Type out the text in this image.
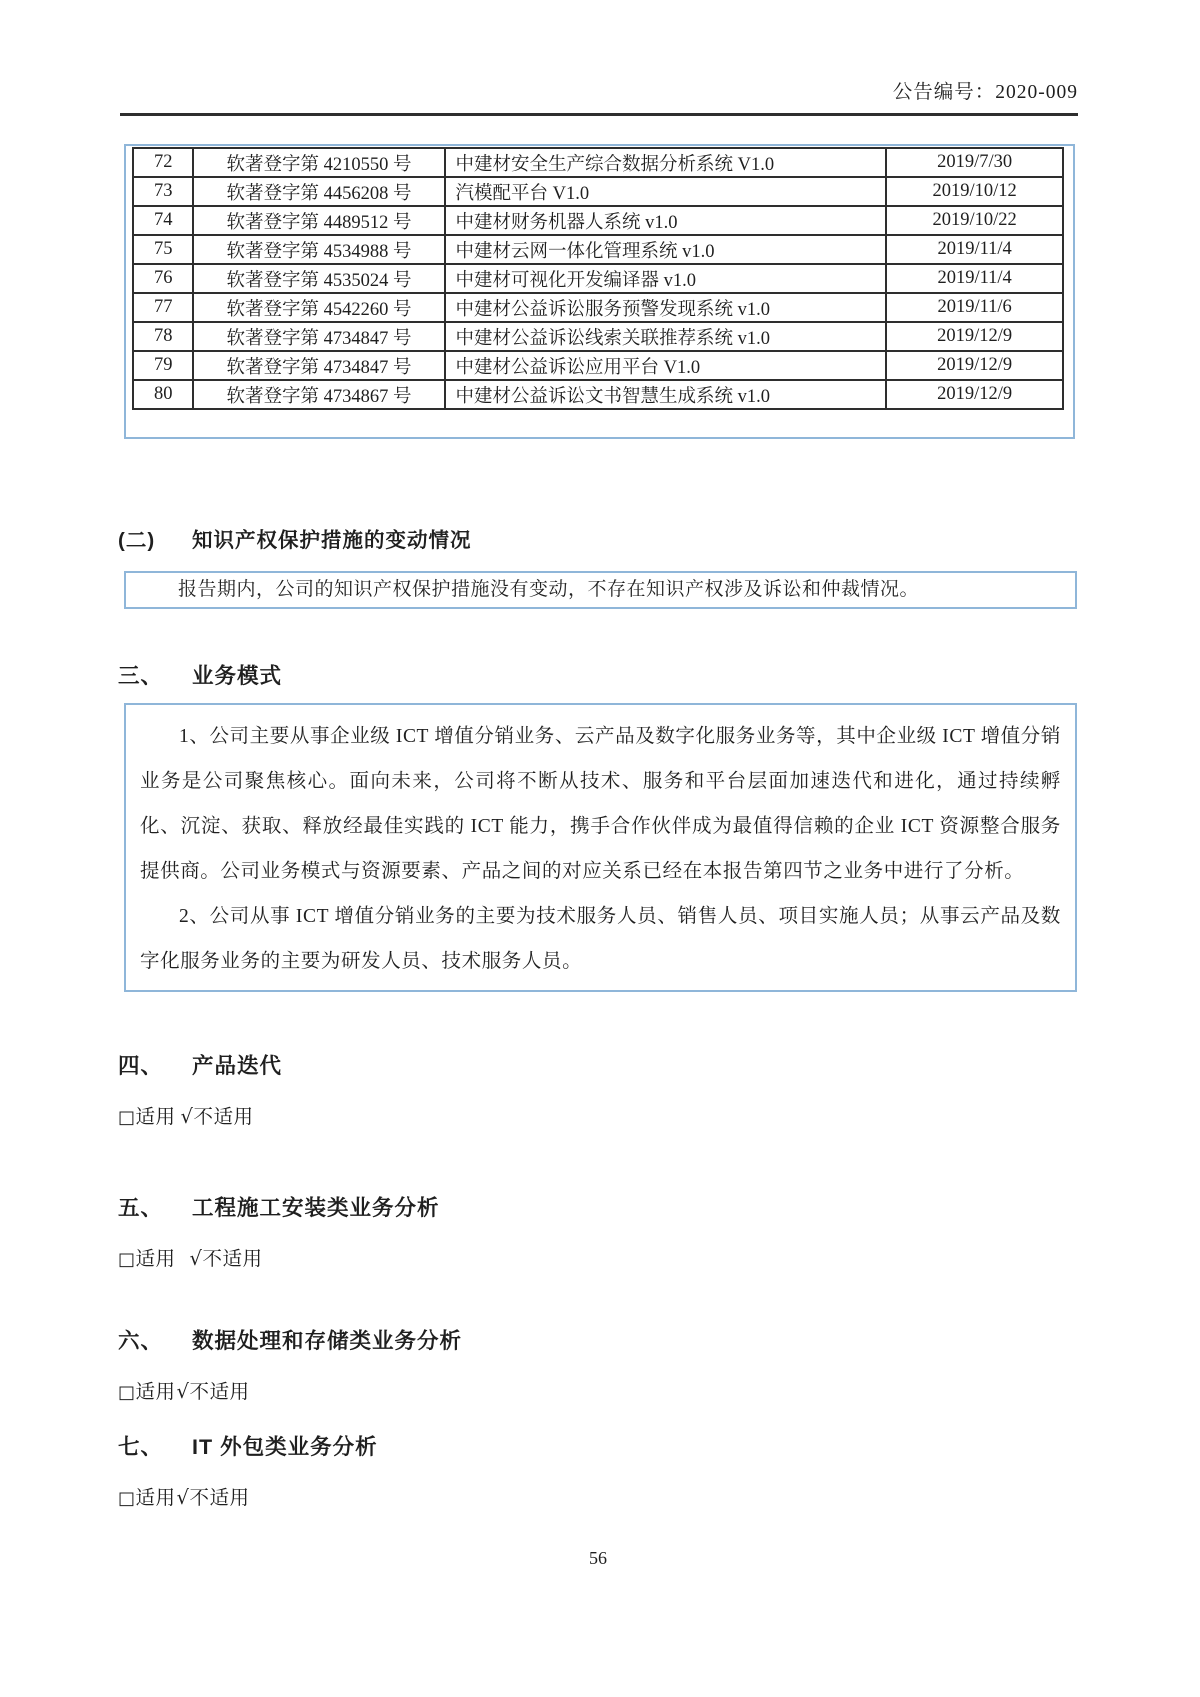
公告编号：2020-009
72	软著登字第 4210550 号	中建材安全生产综合数据分析系统 V1.0	2019/7/30
73	软著登字第 4456208 号	汽模配平台 V1.0	2019/10/12
74	软著登字第 4489512 号	中建材财务机器人系统 v1.0	2019/10/22
75	软著登字第 4534988 号	中建材云网一体化管理系统 v1.0	2019/11/4
76	软著登字第 4535024 号	中建材可视化开发编译器 v1.0	2019/11/4
77	软著登字第 4542260 号	中建材公益诉讼服务预警发现系统 v1.0	2019/11/6
78	软著登字第 4734847 号	中建材公益诉讼线索关联推荐系统 v1.0	2019/12/9
79	软著登字第 4734847 号	中建材公益诉讼应用平台 V1.0	2019/12/9
80	软著登字第 4734867 号	中建材公益诉讼文书智慧生成系统 v1.0	2019/12/9
(二)	知识产权保护措施的变动情况

报告期内，公司的知识产权保护措施没有变动，不存在知识产权涉及诉讼和仲裁情况。

三、	业务模式

1、公司主要从事企业级 ICT 增值分销业务、云产品及数字化服务业务等，其中企业级 ICT 增值分销业务是公司聚焦核心。面向未来，公司将不断从技术、服务和平台层面加速迭代和进化，通过持续孵化、沉淀、获取、释放经最佳实践的 ICT 能力，携手合作伙伴成为最值得信赖的企业 ICT 资源整合服务提供商。公司业务模式与资源要素、产品之间的对应关系已经在本报告第四节之业务中进行了分析。

2、公司从事 ICT 增值分销业务的主要为技术服务人员、销售人员、项目实施人员；从事云产品及数字化服务业务的主要为研发人员、技术服务人员。

四、	产品迭代
□适用 √不适用
五、	工程施工安装类业务分析
□适用 √不适用
六、	数据处理和存储类业务分析
□适用√不适用
七、	IT 外包类业务分析
□适用√不适用
56
